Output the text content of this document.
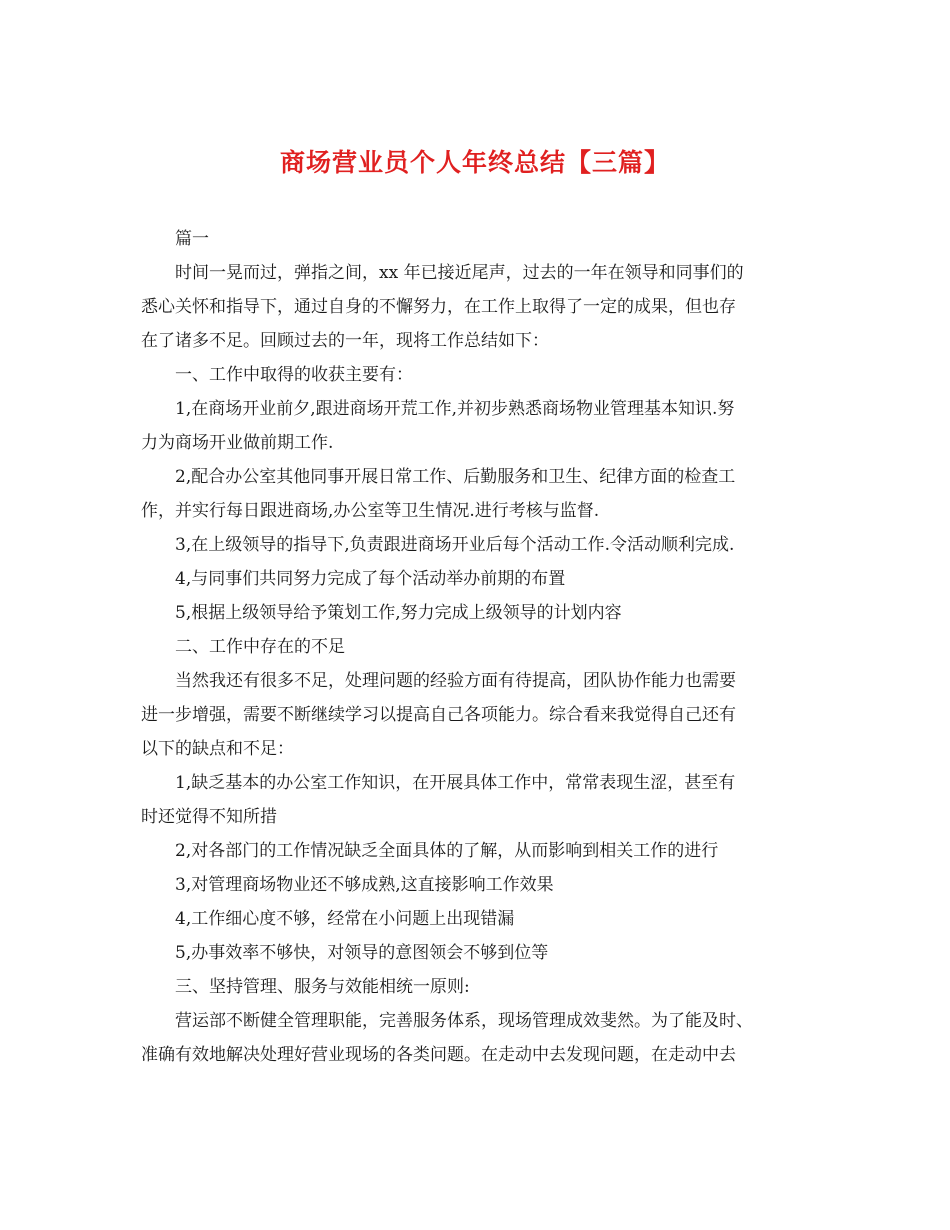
商场营业员个人年终总结【三篇】
篇一
时间一晃而过，弹指之间，xx 年已接近尾声，过去的一年在领导和同事们的
悉心关怀和指导下，通过自身的不懈努力，在工作上取得了一定的成果，但也存
在了诸多不足。回顾过去的一年，现将工作总结如下：
一、工作中取得的收获主要有：
1,在商场开业前夕,跟进商场开荒工作,并初步熟悉商场物业管理基本知识.努
力为商场开业做前期工作.
2,配合办公室其他同事开展日常工作、后勤服务和卫生、纪律方面的检查工
作，并实行每日跟进商场,办公室等卫生情况.进行考核与监督.
3,在上级领导的指导下,负责跟进商场开业后每个活动工作.令活动顺利完成.
4,与同事们共同努力完成了每个活动举办前期的布置
5,根据上级领导给予策划工作,努力完成上级领导的计划内容
二、工作中存在的不足
当然我还有很多不足，处理问题的经验方面有待提高，团队协作能力也需要
进一步增强，需要不断继续学习以提高自己各项能力。综合看来我觉得自己还有
以下的缺点和不足：
1,缺乏基本的办公室工作知识，在开展具体工作中，常常表现生涩，甚至有
时还觉得不知所措
2,对各部门的工作情况缺乏全面具体的了解，从而影响到相关工作的进行
3,对管理商场物业还不够成熟,这直接影响工作效果
4,工作细心度不够，经常在小问题上出现错漏
5,办事效率不够快，对领导的意图领会不够到位等
三、坚持管理、服务与效能相统一原则:
营运部不断健全管理职能，完善服务体系，现场管理成效斐然。为了能及时、
准确有效地解决处理好营业现场的各类问题。在走动中去发现问题，在走动中去
